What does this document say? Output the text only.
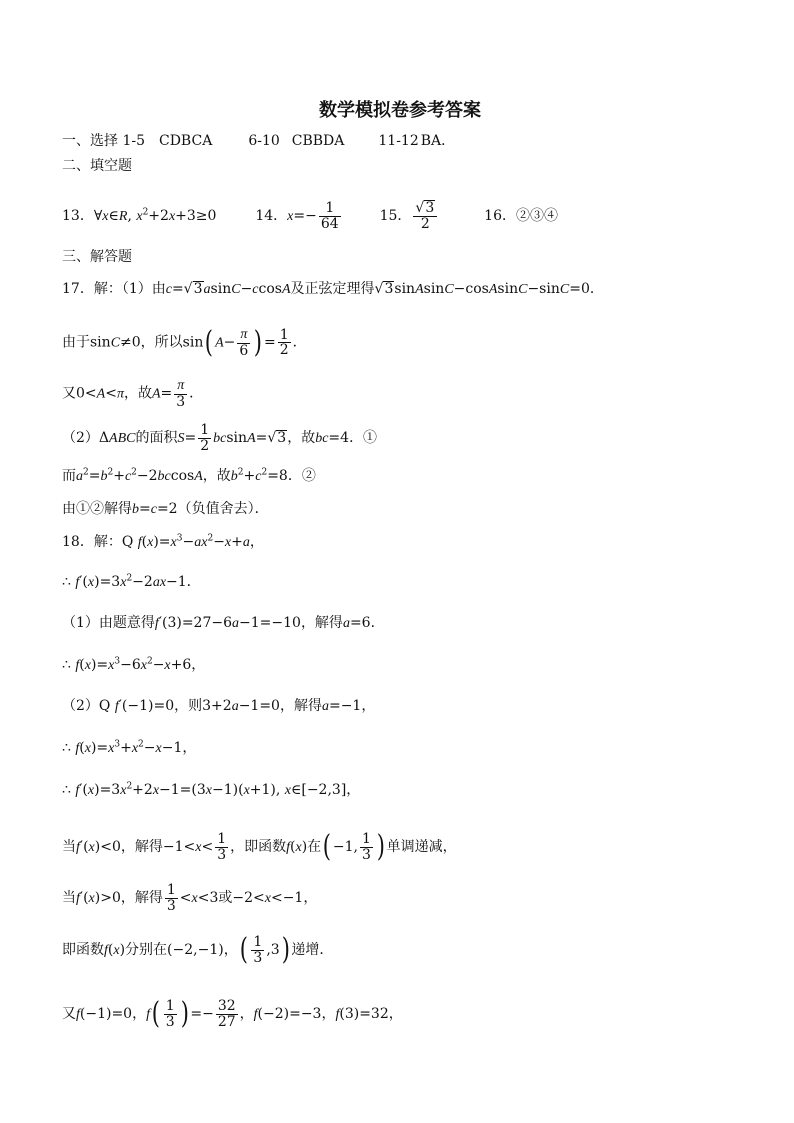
数学模拟卷参考答案
一、选择 1-5 CDBCA	6-10 CBBDA 11-12 BA．
二、填空题
13．∀x∈R, $x^2+2x+3\ge 0$  14．$x=- \frac{1}{64}$	15． $\frac{√3}{2}$	16．②③④
三、解答题
17．解：（1）由c=√3asinC−ccosA及正弦定理得√3sinAsinC−cosAsinC−sinC=0．
由于sinC≠0，所以sin( $A- \frac{\pi}{6}$ ) = $\frac{1}{2}$ ．
又0<A<π，故$A= \frac{\pi}{3}$ ．
（2）ΔABC的面积$S= \frac{1}{2} bcsinA=√3$，故bc=4．①
而$a^2=b^2+c^2-2bccosA$，故$b^2+c^2=8$．②
由①②解得b=c=2（负值舍去）．
18．解：Q $f(x)=x^3-ax^2-x+a$，
∴ $f'(x)=3x^2-2ax-1$．
（1）由题意得f′(3)=27−6a−1=−10，解得a=6．
∴ $f(x)=x^3-6x^2-x+6$，
（2）Q f′(−1)=0，则3+2a−1=0，解得a=−1，
∴ $f(x)=x^3+x^2-x-1$，
∴ $f'(x)=3x^2+2x-1=(3x-1)(x+1)$, x∈[−2,3]，
当f′(x)<0，解得$-1<x< \frac{1}{3}$ ，即函数f(x)在( −1, $\frac{1}{3}$ ) 单调递减，
当f′(x)>0，解得 $\frac{1}{3} <x<3$或−2<x<−1，
即函数f(x)分别在(−2,−1)，( $\frac{1}{3} ,3$) 递增．
又f(−1)=0，$f( \frac{1}{3}$ ) =− $\frac{32}{27}$ ，f(−2)=−3，f(3)=32，
